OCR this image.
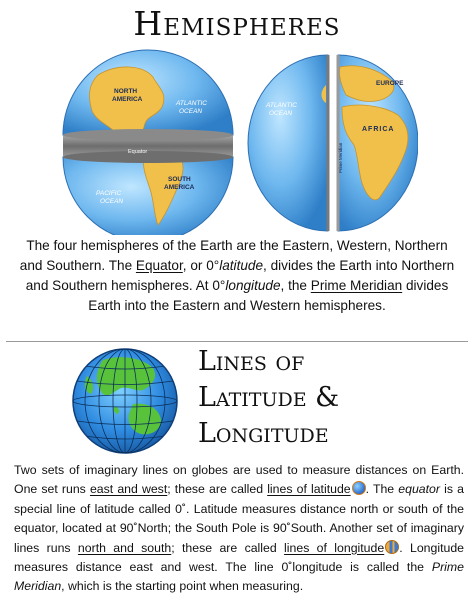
Hemispheres
NORTH AMERICA
ATLANTIC OCEAN
Equator
SOUTH AMERICA
PACIFIC OCEAN
EUROPE
ATLANTIC OCEAN
AFRICA
Prime Meridian
The four hemispheres of the Earth are the Eastern, Western, Northern and Southern. The Equator, or 0°latitude, divides the Earth into Northern and Southern hemispheres. At 0°longitude, the Prime Meridian divides Earth into the Eastern and Western hemispheres.
Lines of
Latitude &
Longitude
Two sets of imaginary lines on globes are used to measure distances on Earth. One set runs east and west; these are called lines of latitude . The equator is a special line of latitude called 0˚. Latitude measures distance north or south of the equator, located at 90˚North; the South Pole is 90˚South. Another set of imaginary lines runs north and south; these are called lines of longitude . Longitude measures distance east and west. The line 0˚longitude is called the Prime Meridian, which is the starting point when measuring.
